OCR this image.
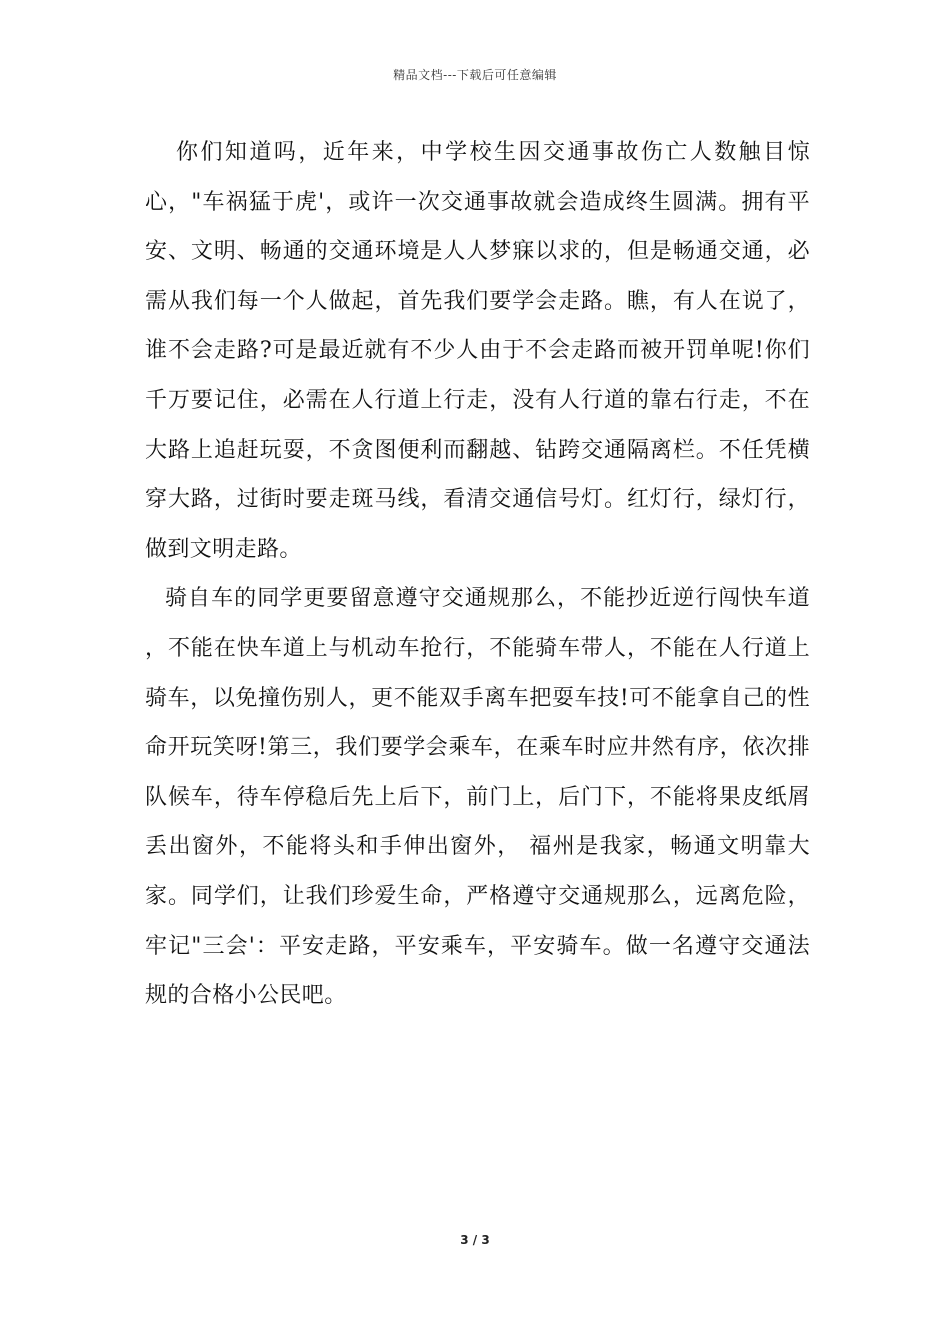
精品文档---下载后可任意编辑

你们知道吗，近年来，中学校生因交通事故伤亡人数触目惊心，"车祸猛于虎'，或许一次交通事故就会造成终生圆满。拥有平安、文明、畅通的交通环境是人人梦寐以求的，但是畅通交通，必需从我们每一个人做起，首先我们要学会走路。瞧，有人在说了，谁不会走路?可是最近就有不少人由于不会走路而被开罚单呢!你们千万要记住，必需在人行道上行走，没有人行道的靠右行走，不在大路上追赶玩耍，不贪图便利而翻越、钻跨交通隔离栏。不任凭横穿大路，过街时要走斑马线，看清交通信号灯。红灯行，绿灯行，做到文明走路。

骑自车的同学更要留意遵守交通规那么，不能抄近逆行闯快车道 ，不能在快车道上与机动车抢行，不能骑车带人，不能在人行道上骑车，以免撞伤别人，更不能双手离车把耍车技!可不能拿自己的性命开玩笑呀!第三，我们要学会乘车，在乘车时应井然有序，依次排队候车，待车停稳后先上后下，前门上，后门下，不能将果皮纸屑丢出窗外，不能将头和手伸出窗外， 福州是我家，畅通文明靠大家。同学们，让我们珍爱生命，严格遵守交通规那么，远离危险，牢记"三会'：平安走路，平安乘车，平安骑车。做一名遵守交通法规的合格小公民吧。

3 / 3
